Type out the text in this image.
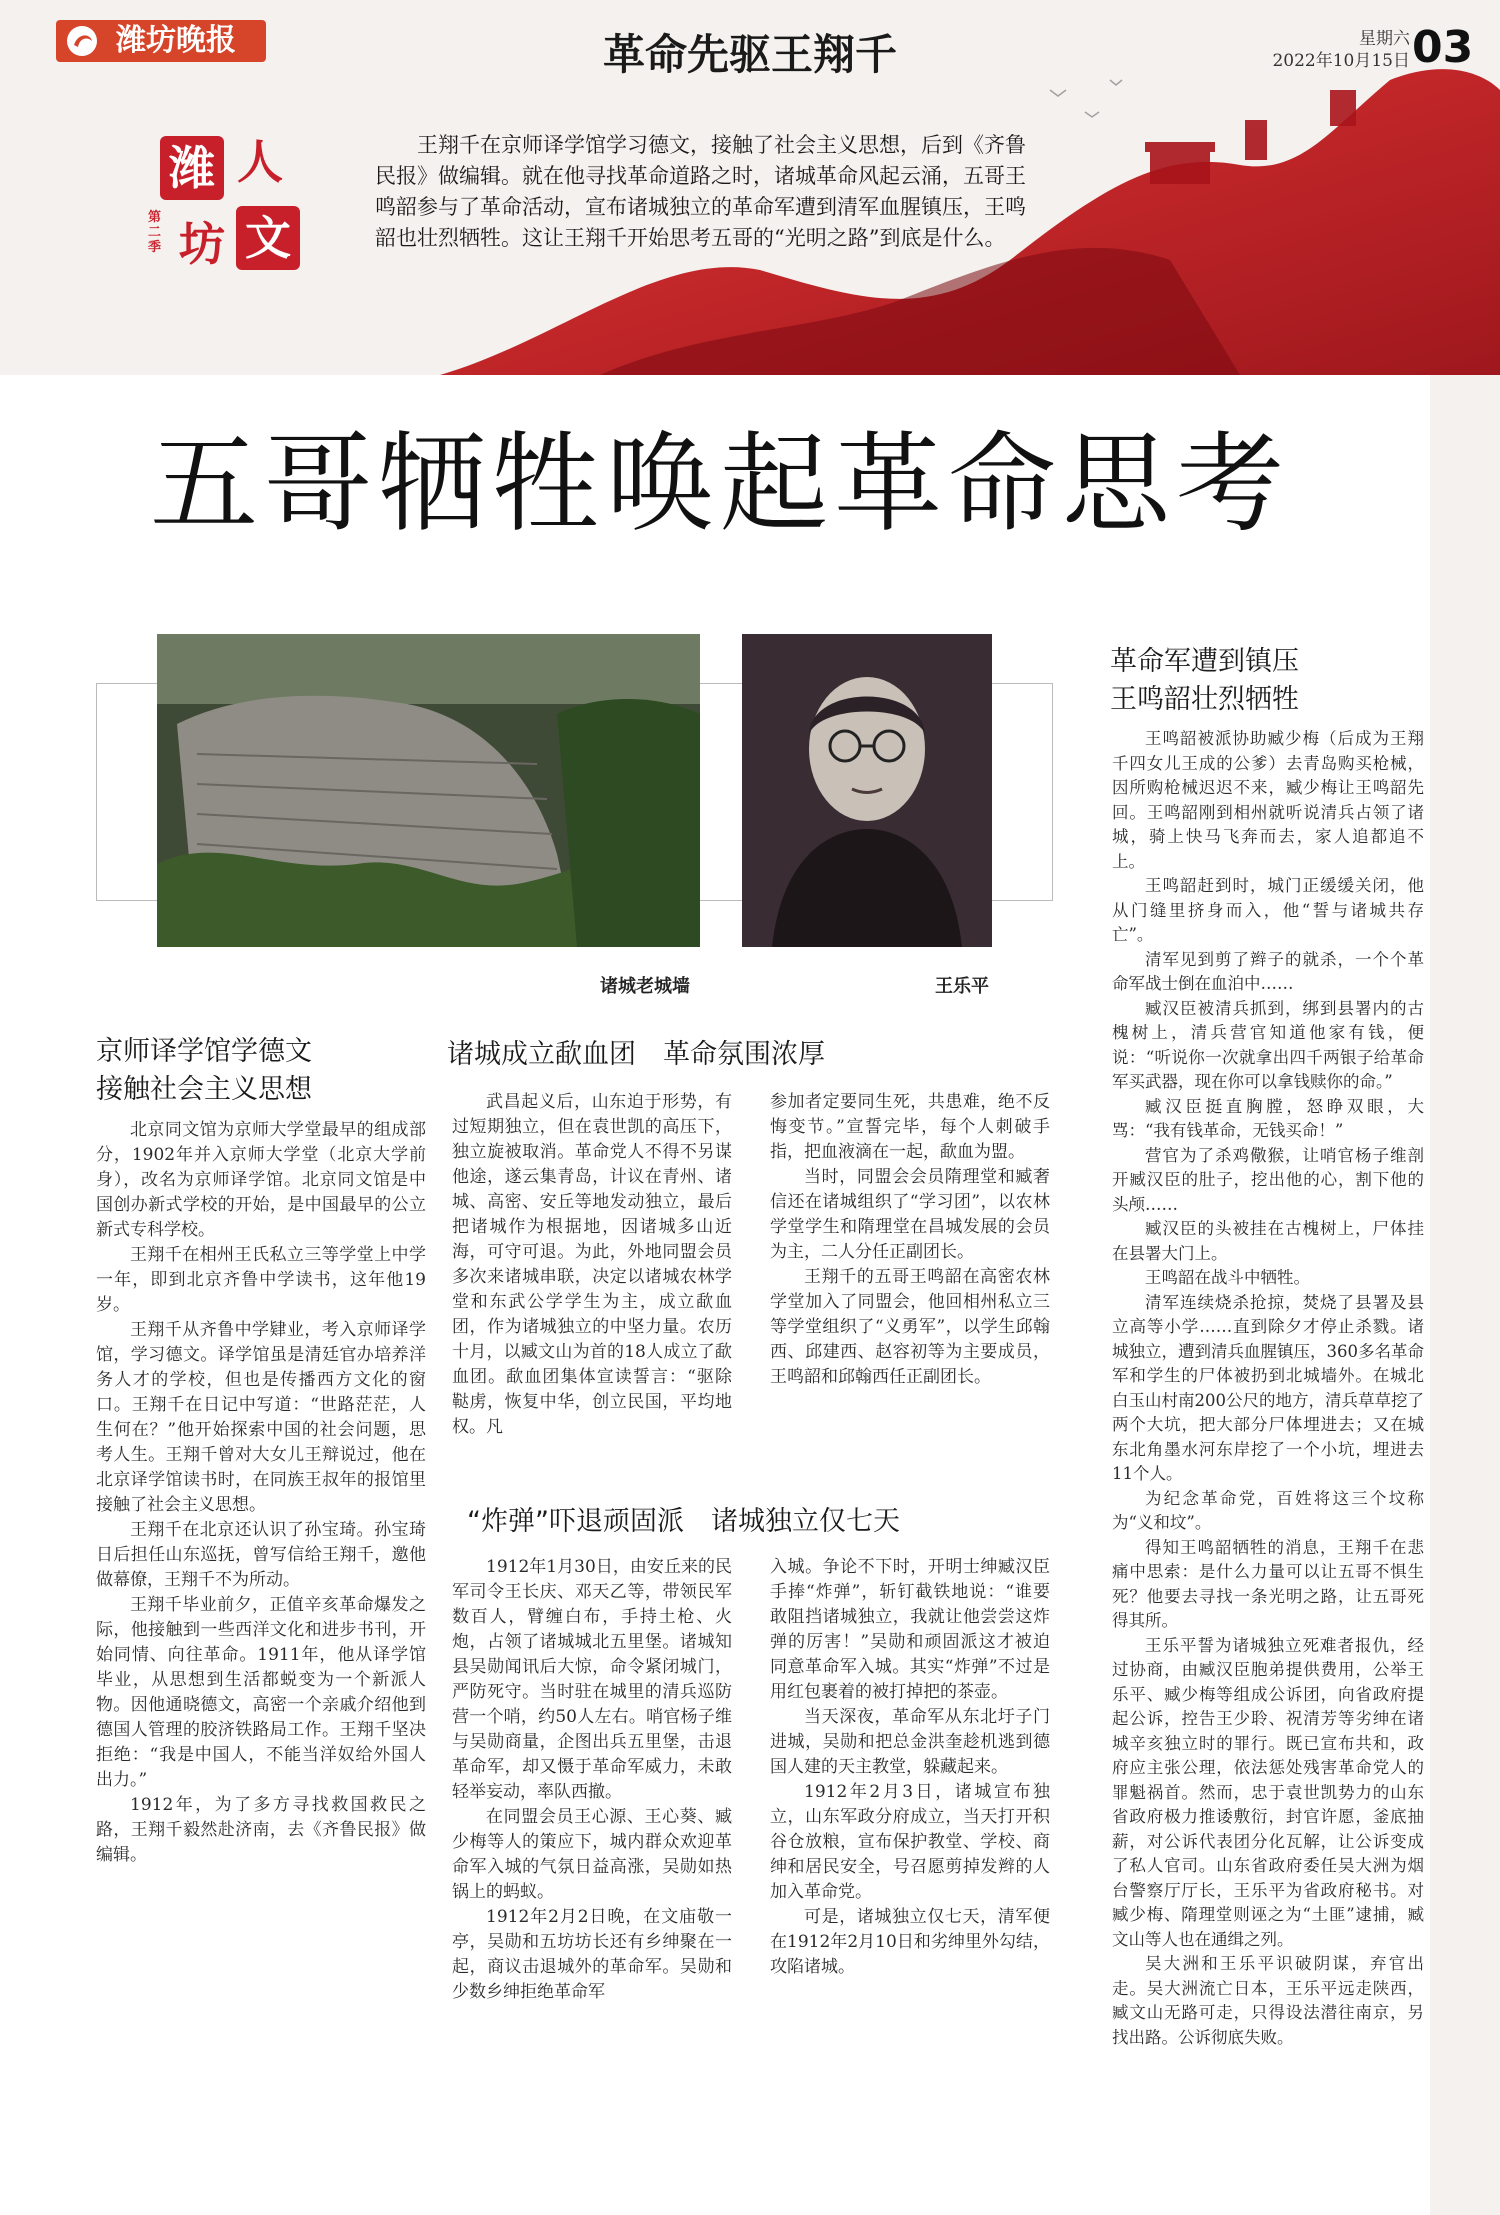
潍坊晚报	革命先驱王翔千	星期六
2022年10月15日 03
潍 人
坊 文
第二季

王翔千在京师译学馆学习德文，接触了社会主义思想，后到《齐鲁民报》做编辑。就在他寻找革命道路之时，诸城革命风起云涌，五哥王鸣韶参与了革命活动，宣布诸城独立的革命军遭到清军血腥镇压，王鸣韶也壮烈牺牲。这让王翔千开始思考五哥的“光明之路”到底是什么。

五哥牺牲唤起革命思考
诸城老城墙	王乐平
京师译学馆学德文
接触社会主义思想

北京同文馆为京师大学堂最早的组成部分，1902年并入京师大学堂（北京大学前身），改名为京师译学馆。北京同文馆是中国创办新式学校的开始，是中国最早的公立新式专科学校。

王翔千在相州王氏私立三等学堂上中学一年，即到北京齐鲁中学读书，这年他19岁。

王翔千从齐鲁中学肄业，考入京师译学馆，学习德文。译学馆虽是清廷官办培养洋务人才的学校，但也是传播西方文化的窗口。王翔千在日记中写道：“世路茫茫，人生何在？”他开始探索中国的社会问题，思考人生。王翔千曾对大女儿王辩说过，他在北京译学馆读书时，在同族王叔年的报馆里接触了社会主义思想。

王翔千在北京还认识了孙宝琦。孙宝琦日后担任山东巡抚，曾写信给王翔千，邀他做幕僚，王翔千不为所动。

王翔千毕业前夕，正值辛亥革命爆发之际，他接触到一些西洋文化和进步书刊，开始同情、向往革命。1911年，他从译学馆毕业，从思想到生活都蜕变为一个新派人物。因他通晓德文，高密一个亲戚介绍他到德国人管理的胶济铁路局工作。王翔千坚决拒绝：“我是中国人，不能当洋奴给外国人出力。”

1912年，为了多方寻找救国救民之路，王翔千毅然赴济南，去《齐鲁民报》做编辑。

诸城成立歃血团　革命氛围浓厚

武昌起义后，山东迫于形势，有过短期独立，但在袁世凯的高压下，独立旋被取消。革命党人不得不另谋他途，遂云集青岛，计议在青州、诸城、高密、安丘等地发动独立，最后把诸城作为根据地，因诸城多山近海，可守可退。为此，外地同盟会员多次来诸城串联，决定以诸城农林学堂和东武公学学生为主，成立歃血团，作为诸城独立的中坚力量。农历十月，以臧文山为首的18人成立了歃血团。歃血团集体宣读誓言：“驱除鞑虏，恢复中华，创立民国，平均地权。凡

参加者定要同生死，共患难，绝不反悔变节。”宣誓完毕，每个人刺破手指，把血液滴在一起，歃血为盟。

当时，同盟会会员隋理堂和臧奢信还在诸城组织了“学习团”，以农林学堂学生和隋理堂在昌城发展的会员为主，二人分任正副团长。

王翔千的五哥王鸣韶在高密农林学堂加入了同盟会，他回相州私立三等学堂组织了“义勇军”，以学生邱翰西、邱建西、赵容初等为主要成员，王鸣韶和邱翰西任正副团长。

“炸弹”吓退顽固派　诸城独立仅七天

1912年1月30日，由安丘来的民军司令王长庆、邓天乙等，带领民军数百人，臂缠白布，手持土枪、火炮，占领了诸城城北五里堡。诸城知县吴勋闻讯后大惊，命令紧闭城门，严防死守。当时驻在城里的清兵巡防营一个哨，约50人左右。哨官杨子维与吴勋商量，企图出兵五里堡，击退革命军，却又慑于革命军威力，未敢轻举妄动，率队西撤。

在同盟会员王心源、王心葵、臧少梅等人的策应下，城内群众欢迎革命军入城的气氛日益高涨，吴勋如热锅上的蚂蚁。

1912年2月2日晚，在文庙敬一亭，吴勋和五坊坊长还有乡绅聚在一起，商议击退城外的革命军。吴勋和少数乡绅拒绝革命军

入城。争论不下时，开明士绅臧汉臣手捧“炸弹”，斩钉截铁地说：“谁要敢阻挡诸城独立，我就让他尝尝这炸弹的厉害！”吴勋和顽固派这才被迫同意革命军入城。其实“炸弹”不过是用红包裹着的被打掉把的茶壶。

当天深夜，革命军从东北圩子门进城，吴勋和把总金洪奎趁机逃到德国人建的天主教堂，躲藏起来。

1912年2月3日，诸城宣布独立，山东军政分府成立，当天打开积谷仓放粮，宣布保护教堂、学校、商绅和居民安全，号召愿剪掉发辫的人加入革命党。

可是，诸城独立仅七天，清军便在1912年2月10日和劣绅里外勾结，攻陷诸城。

革命军遭到镇压
王鸣韶壮烈牺牲

王鸣韶被派协助臧少梅（后成为王翔千四女儿王成的公爹）去青岛购买枪械，因所购枪械迟迟不来，臧少梅让王鸣韶先回。王鸣韶刚到相州就听说清兵占领了诸城，骑上快马飞奔而去，家人追都追不上。

王鸣韶赶到时，城门正缓缓关闭，他从门缝里挤身而入，他“誓与诸城共存亡”。

清军见到剪了辫子的就杀，一个个革命军战士倒在血泊中……

臧汉臣被清兵抓到，绑到县署内的古槐树上，清兵营官知道他家有钱，便说：“听说你一次就拿出四千两银子给革命军买武器，现在你可以拿钱赎你的命。”

臧汉臣挺直胸膛，怒睁双眼，大骂：“我有钱革命，无钱买命！”

营官为了杀鸡儆猴，让哨官杨子维剖开臧汉臣的肚子，挖出他的心，割下他的头颅……

臧汉臣的头被挂在古槐树上，尸体挂在县署大门上。

王鸣韶在战斗中牺牲。

清军连续烧杀抢掠，焚烧了县署及县立高等小学……直到除夕才停止杀戮。诸城独立，遭到清兵血腥镇压，360多名革命军和学生的尸体被扔到北城墙外。在城北白玉山村南200公尺的地方，清兵草草挖了两个大坑，把大部分尸体埋进去；又在城东北角墨水河东岸挖了一个小坑，埋进去11个人。

为纪念革命党，百姓将这三个坟称为“义和坟”。

得知王鸣韶牺牲的消息，王翔千在悲痛中思索：是什么力量可以让五哥不惧生死？他要去寻找一条光明之路，让五哥死得其所。

王乐平誓为诸城独立死难者报仇，经过协商，由臧汉臣胞弟提供费用，公举王乐平、臧少梅等组成公诉团，向省政府提起公诉，控告王少聆、祝清芳等劣绅在诸城辛亥独立时的罪行。既已宣布共和，政府应主张公理，依法惩处残害革命党人的罪魁祸首。然而，忠于袁世凯势力的山东省政府极力推诿敷衍，封官许愿，釜底抽薪，对公诉代表团分化瓦解，让公诉变成了私人官司。山东省政府委任吴大洲为烟台警察厅厅长，王乐平为省政府秘书。对臧少梅、隋理堂则诬之为“土匪”逮捕，臧文山等人也在通缉之列。

吴大洲和王乐平识破阴谋，弃官出走。吴大洲流亡日本，王乐平远走陕西，臧文山无路可走，只得设法潜往南京，另找出路。公诉彻底失败。
